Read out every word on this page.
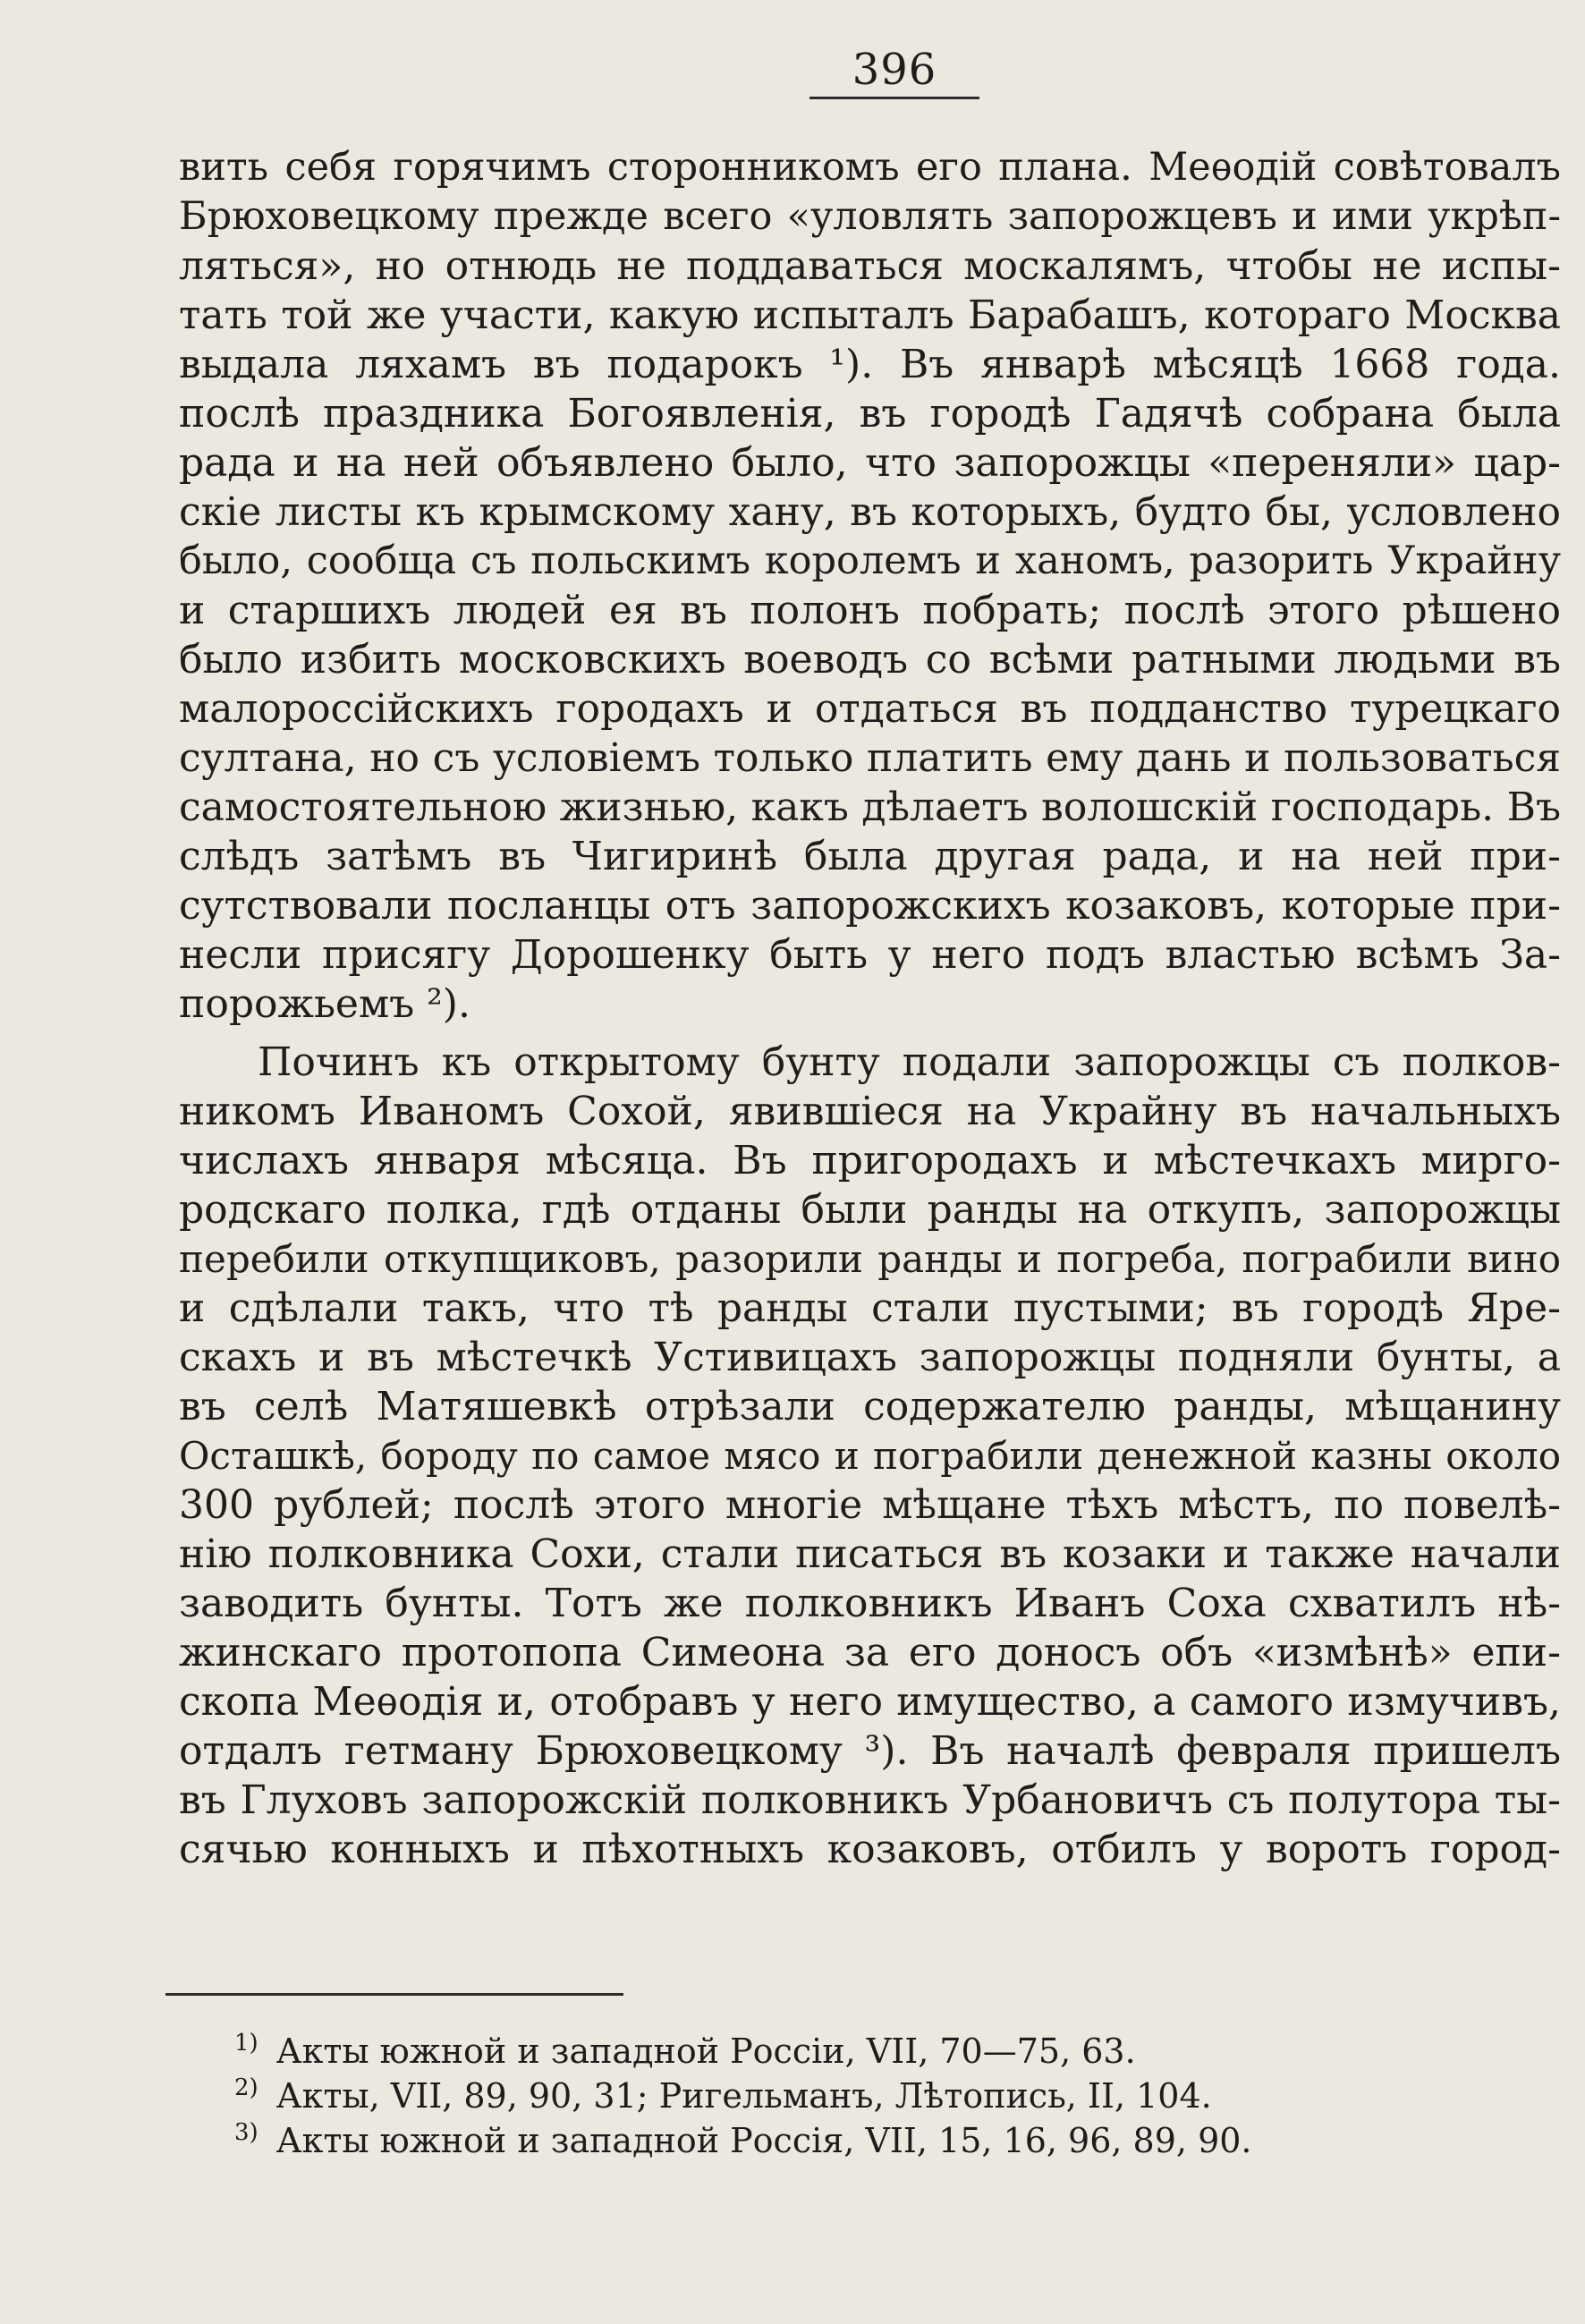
396
вить себя горячимъ сторонникомъ его плана. Меѳодій совѣтовалъ
Брюховецкому прежде всего «уловлять запорожцевъ и ими укрѣп-
ляться», но отнюдь не поддаваться москалямъ, чтобы не испы-
тать той же участи, какую испыталъ Барабашъ, котораго Москва
выдала ляхамъ въ подарокъ ¹). Въ январѣ мѣсяцѣ 1668 года.
послѣ праздника Богоявленія, въ городѣ Гадячѣ собрана была
рада и на ней объявлено было, что запорожцы «переняли» цар-
скіе листы къ крымскому хану, въ которыхъ, будто бы, условлено
было, сообща съ польскимъ королемъ и ханомъ, разорить Украйну
и старшихъ людей ея въ полонъ побрать; послѣ этого рѣшено
было избить московскихъ воеводъ со всѣми ратными людьми въ
малороссійскихъ городахъ и отдаться въ подданство турецкаго
султана, но съ условіемъ только платить ему дань и пользоваться
самостоятельною жизнью, какъ дѣлаетъ волошскій господарь. Въ
слѣдъ затѣмъ въ Чигиринѣ была другая рада, и на ней при-
сутствовали посланцы отъ запорожскихъ козаковъ, которые при-
несли присягу Дорошенку быть у него подъ властью всѣмъ За-
порожьемъ ²).
Починъ къ открытому бунту подали запорожцы съ полков-
никомъ Иваномъ Сохой, явившіеся на Украйну въ начальныхъ
числахъ января мѣсяца. Въ пригородахъ и мѣстечкахъ мирго-
родскаго полка, гдѣ отданы были ранды на откупъ, запорожцы
перебили откупщиковъ, разорили ранды и погреба, пограбили вино
и сдѣлали такъ, что тѣ ранды стали пустыми; въ городѣ Яре-
скахъ и въ мѣстечкѣ Устивицахъ запорожцы подняли бунты, а
въ селѣ Матяшевкѣ отрѣзали содержателю ранды, мѣщанину
Осташкѣ, бороду по самое мясо и пограбили денежной казны около
300 рублей; послѣ этого многіе мѣщане тѣхъ мѣстъ, по повелѣ-
нію полковника Сохи, стали писаться въ козаки и также начали
заводить бунты. Тотъ же полковникъ Иванъ Соха схватилъ нѣ-
жинскаго протопопа Симеона за его доносъ объ «измѣнѣ» епи-
скопа Меѳодія и, отобравъ у него имущество, а самого измучивъ,
отдалъ гетману Брюховецкому ³). Въ началѣ февраля пришелъ
въ Глуховъ запорожскій полковникъ Урбановичъ съ полутора ты-
сячью конныхъ и пѣхотныхъ козаковъ, отбилъ у воротъ город-
$^{1)}$ Акты южной и западной Россіи, VII, 70—75, 63.
$^{2)}$ Акты, VII, 89, 90, 31; Ригельманъ, Лѣтопись, II, 104.
$^{3)}$ Акты южной и западной Россія, VII, 15, 16, 96, 89, 90.
